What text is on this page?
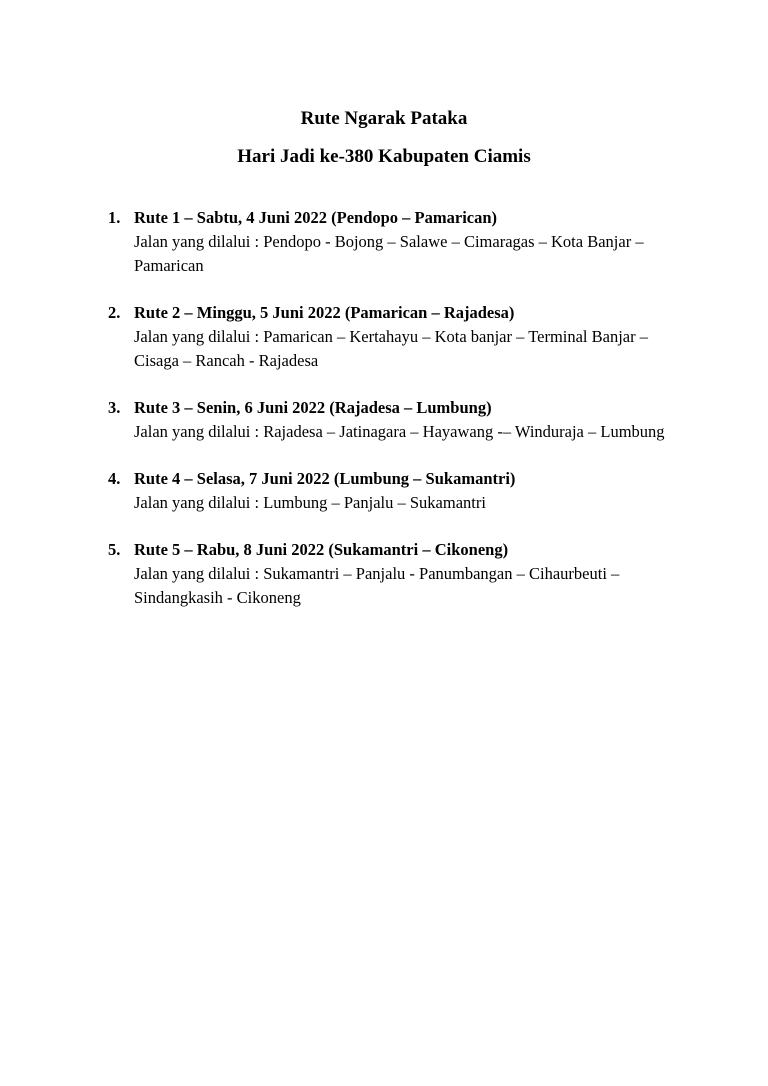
Rute Ngarak Pataka
Hari Jadi ke-380 Kabupaten Ciamis
1. Rute 1 – Sabtu, 4 Juni 2022 (Pendopo – Pamarican)
Jalan yang dilalui : Pendopo - Bojong – Salawe – Cimaragas – Kota Banjar – Pamarican
2. Rute 2 – Minggu, 5 Juni 2022 (Pamarican – Rajadesa)
Jalan yang dilalui : Pamarican – Kertahayu – Kota banjar – Terminal Banjar – Cisaga – Rancah - Rajadesa
3. Rute 3 – Senin, 6 Juni 2022 (Rajadesa – Lumbung)
Jalan yang dilalui : Rajadesa – Jatinagara – Hayawang -– Winduraja – Lumbung
4. Rute 4 – Selasa, 7 Juni 2022 (Lumbung – Sukamantri)
Jalan yang dilalui : Lumbung – Panjalu – Sukamantri
5. Rute 5 – Rabu, 8 Juni 2022 (Sukamantri – Cikoneng)
Jalan yang dilalui : Sukamantri – Panjalu - Panumbangan – Cihaurbeuti – Sindangkasih - Cikoneng
